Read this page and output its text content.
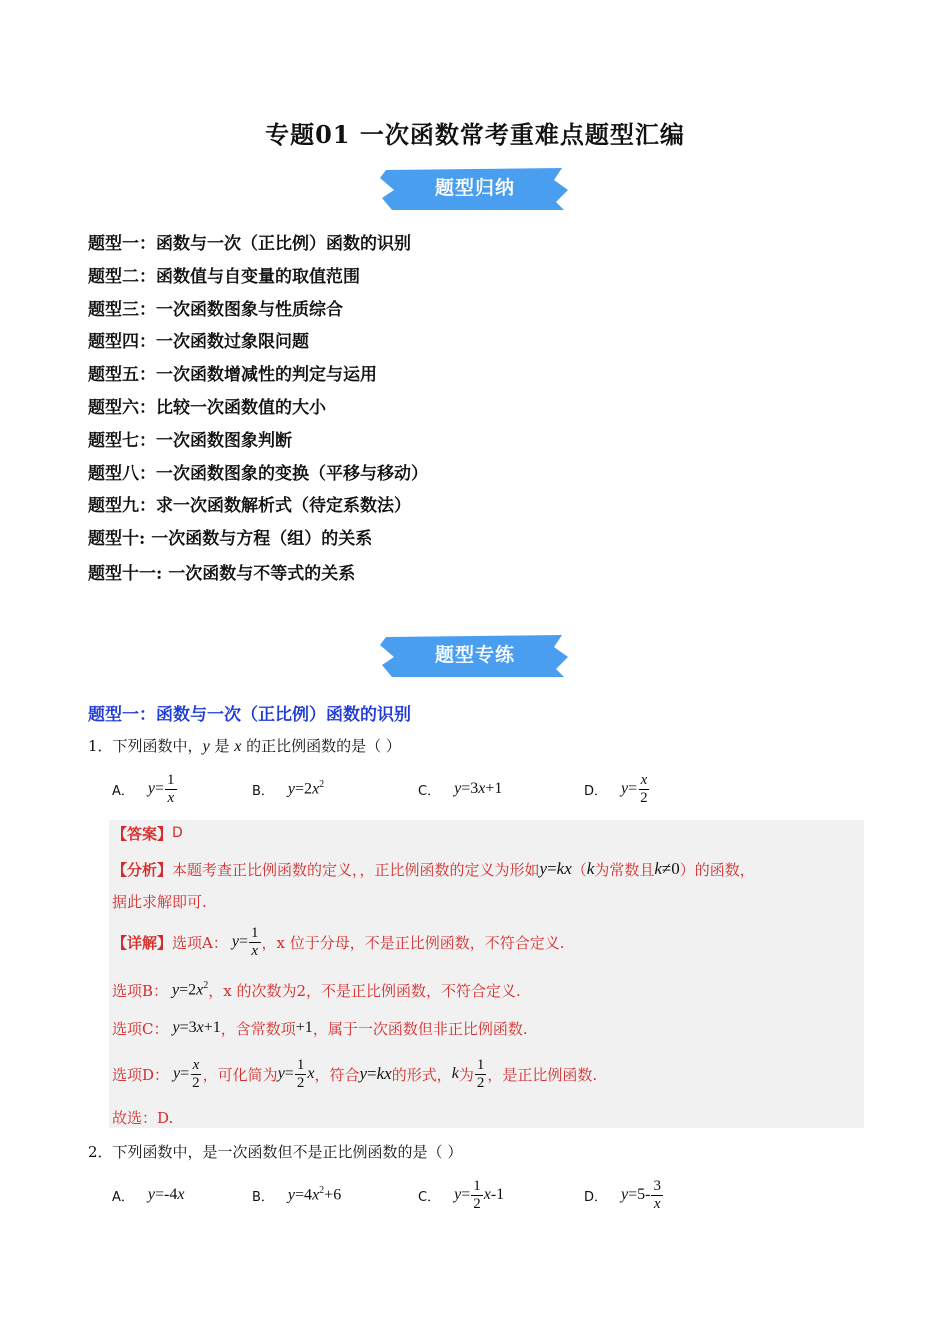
专题01 一次函数常考重难点题型汇编
题型归纳
题型一：函数与一次（正比例）函数的识别
题型二：函数值与自变量的取值范围
题型三：一次函数图象与性质综合
题型四：一次函数过象限问题
题型五：一次函数增减性的判定与运用
题型六：比较一次函数值的大小
题型七：一次函数图象判断
题型八：一次函数图象的变换（平移与移动）
题型九：求一次函数解析式（待定系数法）
题型十: 一次函数与方程（组）的关系
题型十一: 一次函数与不等式的关系
题型专练
题型一：函数与一次（正比例）函数的识别
1．下列函数中，y 是 x 的正比例函数的是（ ）
A． $y= \frac{1}{x}$	B． $y=2x^2$	C． y=3x+1	D． $y= \frac{x}{2}$
【答案】 D
【分析】 本题考查正比例函数的定义，，正比例函数的定义为形如 y=kx （ k 为常数且 k≠0 ）的函数，
据此求解即可.
【详解】 选项A： $y= \frac{1}{x}$ ，x 位于分母，不是正比例函数，不符合定义.
选项B： $y=2x^2$ ，x 的次数为2，不是正比例函数，不符合定义.
选项C： y=3x+1 ，含常数项 +1 ，属于一次函数但非正比例函数.
选项D： $y= \frac{x}{2}$ ，可化简为 $y= \frac{1}{2}$ x ，符合 y=kx 的形式， k 为 $\frac{1}{2}$ ，是正比例函数.
故选：D.
2．下列函数中，是一次函数但不是正比例函数的是（ ）
A． y=-4x	B． $y=4x^2+6$	C． $y= \frac{1}{2} x-1$	D． $y=5- \frac{3}{x}$
